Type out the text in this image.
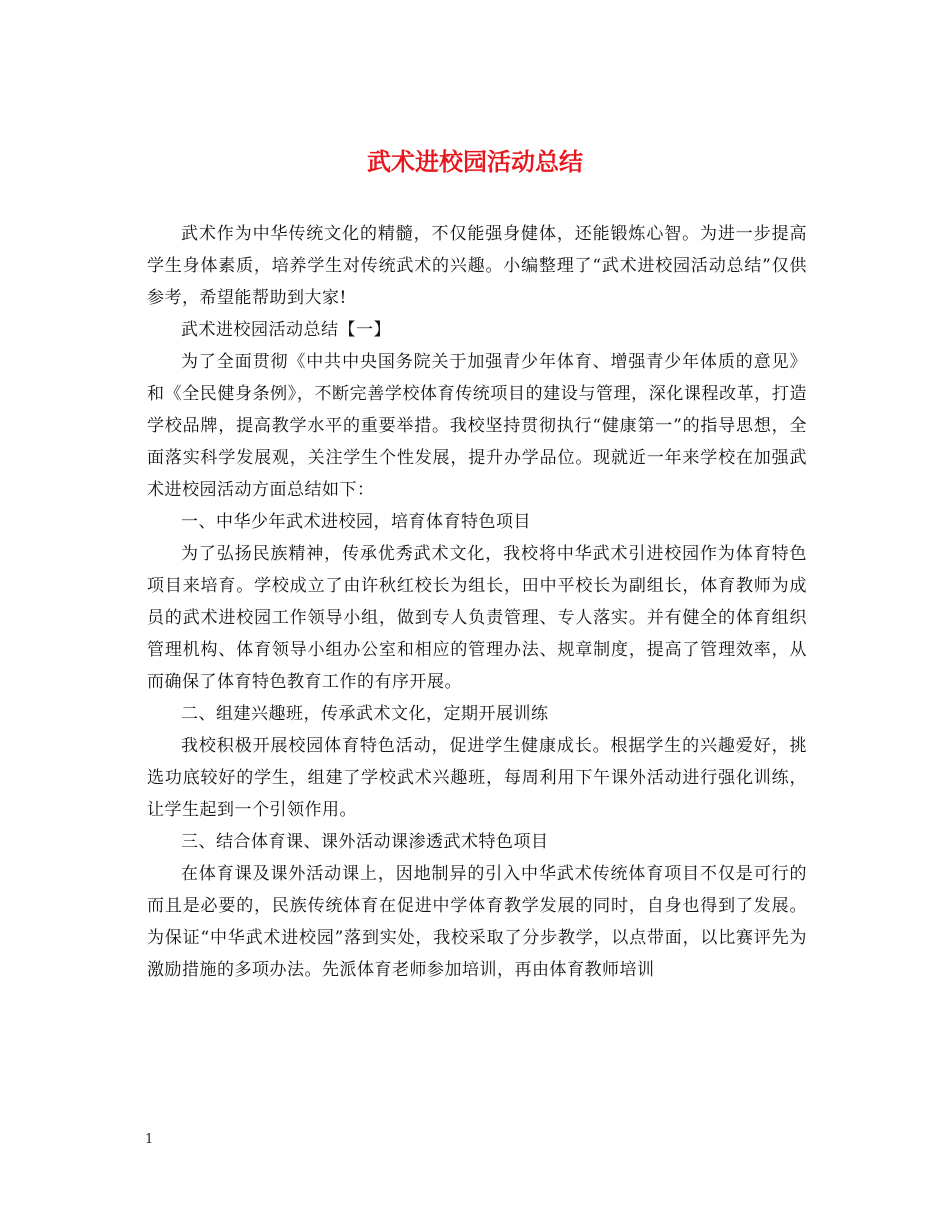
武术进校园活动总结

武术作为中华传统文化的精髓，不仅能强身健体，还能锻炼心智。为进一步提高学生身体素质，培养学生对传统武术的兴趣。小编整理了“武术进校园活动总结”仅供参考，希望能帮助到大家!

武术进校园活动总结【一】

为了全面贯彻《中共中央国务院关于加强青少年体育、增强青少年体质的意见》和《全民健身条例》，不断完善学校体育传统项目的建设与管理，深化课程改革，打造学校品牌，提高教学水平的重要举措。我校坚持贯彻执行“健康第一”的指导思想，全面落实科学发展观，关注学生个性发展，提升办学品位。现就近一年来学校在加强武术进校园活动方面总结如下：

一、中华少年武术进校园，培育体育特色项目

为了弘扬民族精神，传承优秀武术文化，我校将中华武术引进校园作为体育特色项目来培育。学校成立了由许秋红校长为组长，田中平校长为副组长，体育教师为成员的武术进校园工作领导小组，做到专人负责管理、专人落实。并有健全的体育组织管理机构、体育领导小组办公室和相应的管理办法、规章制度，提高了管理效率，从而确保了体育特色教育工作的有序开展。

二、组建兴趣班，传承武术文化，定期开展训练

我校积极开展校园体育特色活动，促进学生健康成长。根据学生的兴趣爱好，挑选功底较好的学生，组建了学校武术兴趣班，每周利用下午课外活动进行强化训练，让学生起到一个引领作用。

三、结合体育课、课外活动课渗透武术特色项目

在体育课及课外活动课上，因地制异的引入中华武术传统体育项目不仅是可行的而且是必要的，民族传统体育在促进中学体育教学发展的同时，自身也得到了发展。为保证“中华武术进校园”落到实处，我校采取了分步教学，以点带面，以比赛评先为激励措施的多项办法。先派体育老师参加培训，再由体育教师培训

1
